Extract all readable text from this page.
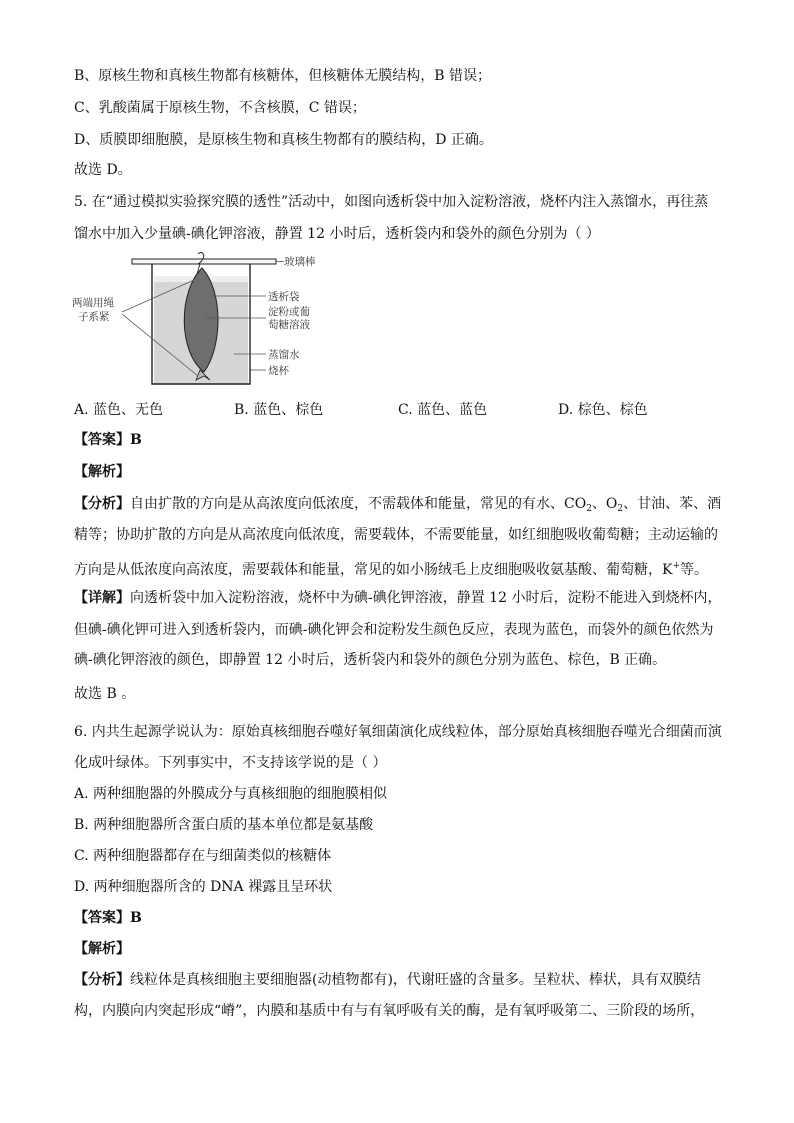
B、原核生物和真核生物都有核糖体，但核糖体无膜结构，B 错误；
C、乳酸菌属于原核生物，不含核膜，C 错误；
D、质膜即细胞膜，是原核生物和真核生物都有的膜结构，D 正确。
故选 D。
5. 在“通过模拟实验探究膜的透性”活动中，如图向透析袋中加入淀粉溶液，烧杯内注入蒸馏水，再往蒸
馏水中加入少量碘-碘化钾溶液，静置 12 小时后，透析袋内和袋外的颜色分别为（ ）
玻璃棒
两端用绳
子系紧
透析袋
淀粉或葡
萄糖溶液
蒸馏水
烧杯
A. 蓝色、无色	B. 蓝色、棕色	C. 蓝色、蓝色	D. 棕色、棕色
【答案】B
【解析】
【分析】自由扩散的方向是从高浓度向低浓度，不需载体和能量，常见的有水、$CO_2$、$O_2$、甘油、苯、酒
精等；协助扩散的方向是从高浓度向低浓度，需要载体，不需要能量，如红细胞吸收葡萄糖；主动运输的
方向是从低浓度向高浓度，需要载体和能量，常见的如小肠绒毛上皮细胞吸收氨基酸、葡萄糖，K+等。
【详解】向透析袋中加入淀粉溶液，烧杯中为碘-碘化钾溶液，静置 12 小时后，淀粉不能进入到烧杯内，
但碘-碘化钾可进入到透析袋内，而碘-碘化钾会和淀粉发生颜色反应，表现为蓝色，而袋外的颜色依然为
碘-碘化钾溶液的颜色，即静置 12 小时后，透析袋内和袋外的颜色分别为蓝色、棕色，B 正确。
故选 B 。
6. 内共生起源学说认为：原始真核细胞吞噬好氧细菌演化成线粒体，部分原始真核细胞吞噬光合细菌而演
化成叶绿体。下列事实中，不支持该学说的是（ ）
A. 两种细胞器的外膜成分与真核细胞的细胞膜相似
B. 两种细胞器所含蛋白质的基本单位都是氨基酸
C. 两种细胞器都存在与细菌类似的核糖体
D. 两种细胞器所含的 DNA 裸露且呈环状
【答案】B
【解析】
【分析】线粒体是真核细胞主要细胞器(动植物都有)，代谢旺盛的含量多。呈粒状、棒状，具有双膜结
构，内膜向内突起形成“嵴”，内膜和基质中有与有氧呼吸有关的酶，是有氧呼吸第二、三阶段的场所，
